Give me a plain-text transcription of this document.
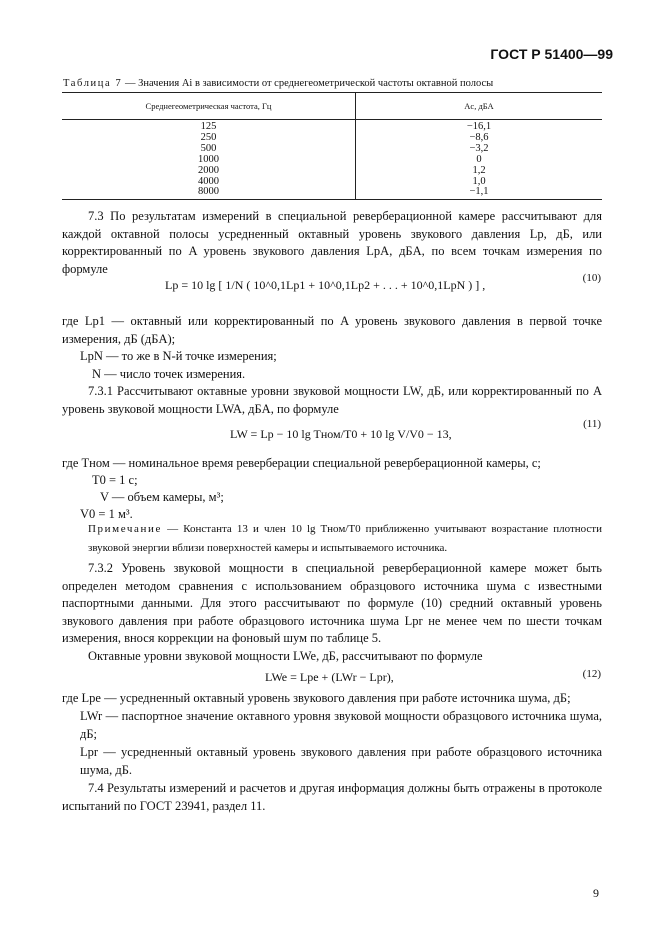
ГОСТ Р 51400—99
Таблица 7 — Значения Ai в зависимости от среднегеометрической частоты октавной полосы
Среднегеометрическая частота, Гц	Ac, дБА
125	−16,1
250	−8,6
500	−3,2
1000	0
2000	1,2
4000	1,0
8000	−1,1
7.3 По результатам измерений в специальной реверберационной камере рассчитывают для каждой октавной полосы усредненный октавный уровень звукового давления Lp, дБ, или корректированный по A уровень звукового давления LpA, дБA, по всем точкам измерения по формуле
Lp = 10 lg [ 1/N ( 10^0,1Lp1 + 10^0,1Lp2 + . . . + 10^0,1LpN ) ] ,	(10)
где Lp1 — октавный или корректированный по A уровень звукового давления в первой точке измерения, дБ (дБA);
LpN — то же в N-й точке измерения;
N — число точек измерения.
7.3.1 Рассчитывают октавные уровни звуковой мощности LW, дБ, или корректированный по A уровень звуковой мощности LWA, дБA, по формуле
LW = Lp − 10 lg Tном/T0 + 10 lg V/V0 − 13,
(11)
где Tном — номинальное время реверберации специальной реверберационной камеры, с;
T0 = 1 с;
V — объем камеры, м³;
V0 = 1 м³.
Примечание — Константа 13 и член 10 lg Tном/T0 приближенно учитывают возрастание плотности звуковой энергии вблизи поверхностей камеры и испытываемого источника.
7.3.2 Уровень звуковой мощности в специальной реверберационной камере может быть определен методом сравнения с использованием образцового источника шума с известными паспортными данными. Для этого рассчитывают по формуле (10) средний октавный уровень звукового давления при работе образцового источника шума Lpr не менее чем по шести точкам измерения, внося коррекции на фоновый шум по таблице 5.
Октавные уровни звуковой мощности LWe, дБ, рассчитывают по формуле
LWe = Lpe + (LWr − Lpr),	(12)
где Lpe — усредненный октавный уровень звукового давления при работе источника шума, дБ;
LWr — паспортное значение октавного уровня звуковой мощности образцового источника шума, дБ;
Lpr — усредненный октавный уровень звукового давления при работе образцового источника шума, дБ.
7.4 Результаты измерений и расчетов и другая информация должны быть отражены в протоколе испытаний по ГОСТ 23941, раздел 11.
9
